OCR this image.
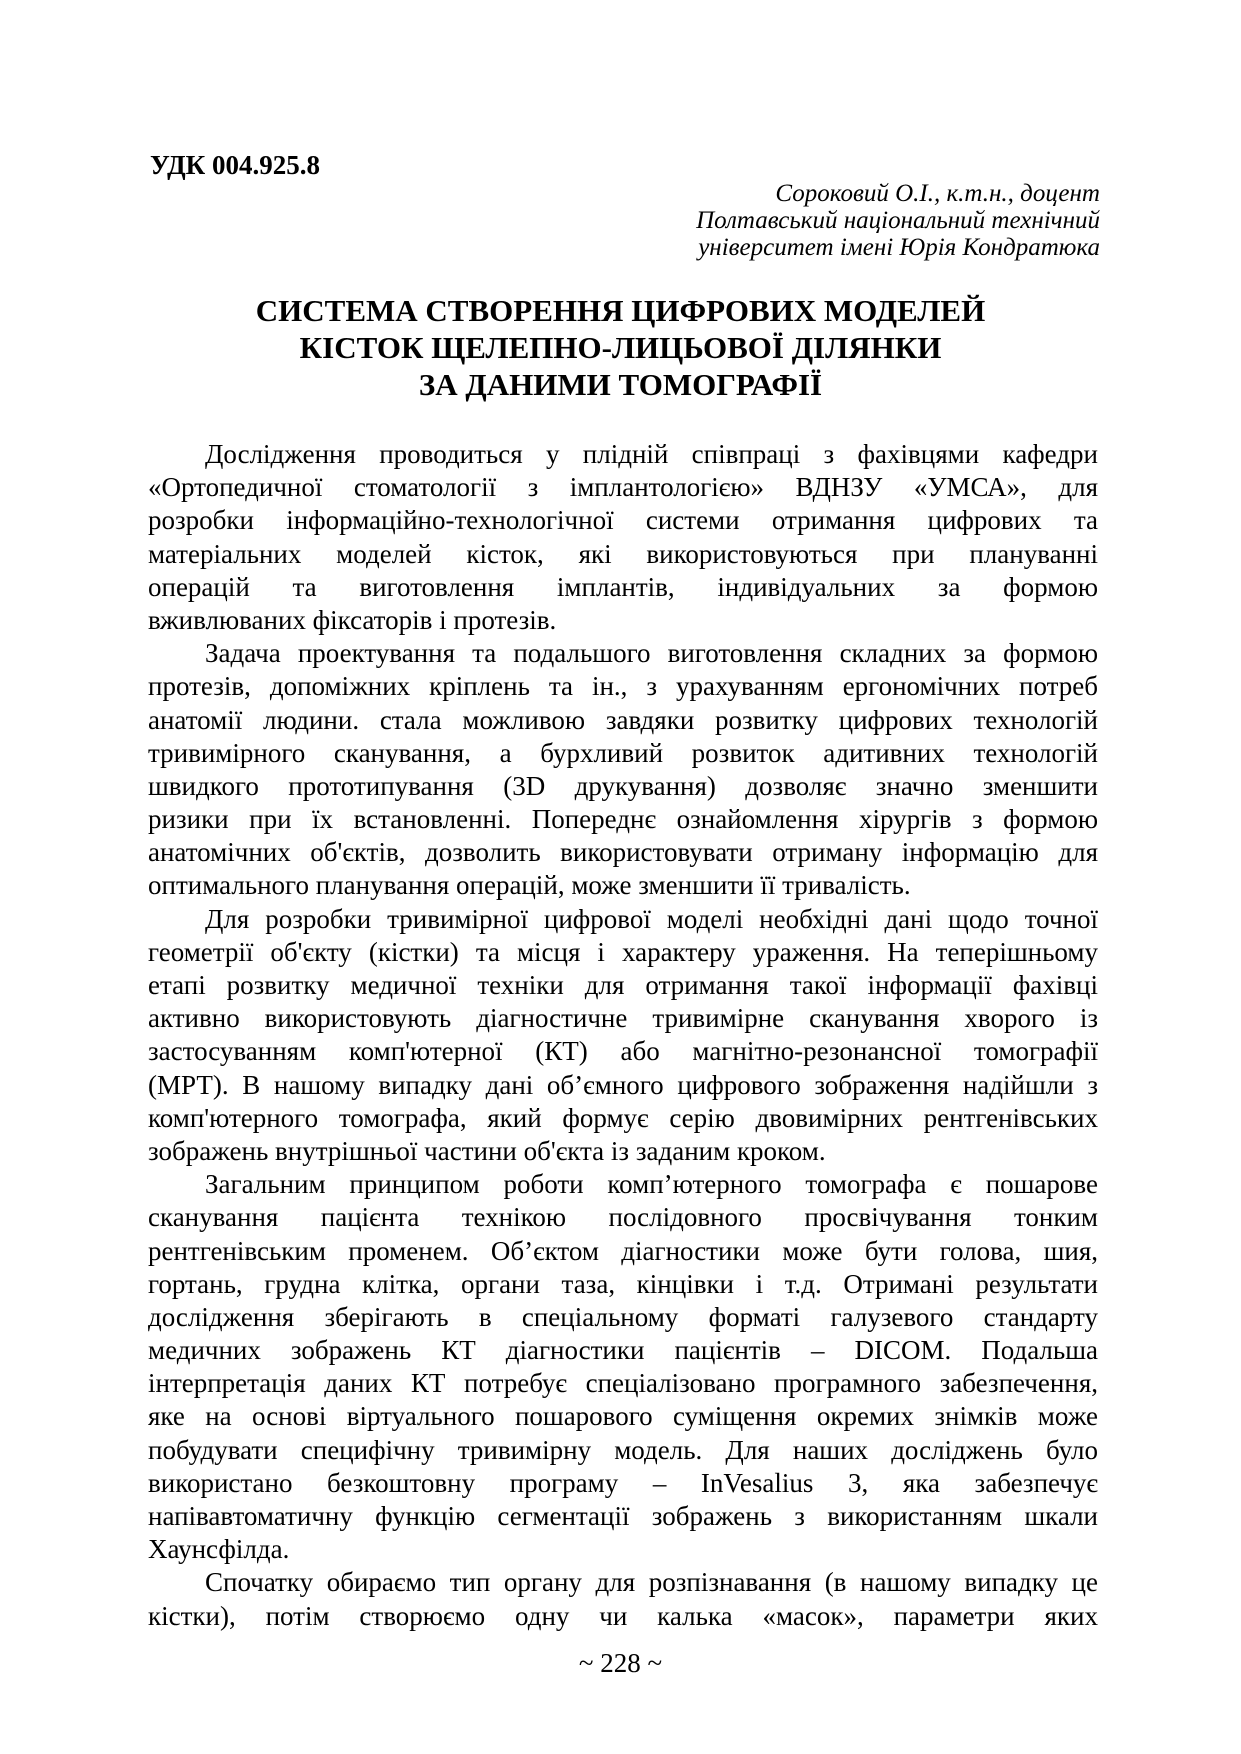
УДК 004.925.8
Сороковий О.І., к.т.н., доцент
Полтавський національний технічний
університет імені Юрія Кондратюка
СИСТЕМА СТВОРЕННЯ ЦИФРОВИХ МОДЕЛЕЙ
КІСТОК ЩЕЛЕПНО-ЛИЦЬОВОЇ ДІЛЯНКИ
ЗА ДАНИМИ ТОМОГРАФІЇ
Дослідження проводиться у плідній співпраці з фахівцями кафедри
«Ортопедичної стоматології з імплантологією» ВДНЗУ «УМСА», для
розробки інформаційно-технологічної системи отримання цифрових та
матеріальних моделей кісток, які використовуються при плануванні
операцій та виготовлення імплантів, індивідуальних за формою
вживлюваних фіксаторів і протезів.
Задача проектування та подальшого виготовлення складних за формою
протезів, допоміжних кріплень та ін., з урахуванням ергономічних потреб
анатомії людини. стала можливою завдяки розвитку цифрових технологій
тривимірного сканування, а бурхливий розвиток адитивних технологій
швидкого прототипування (3D друкування) дозволяє значно зменшити
ризики при їх встановленні. Попереднє ознайомлення хірургів з формою
анатомічних об'єктів, дозволить використовувати отриману інформацію для
оптимального планування операцій, може зменшити її тривалість.
Для розробки тривимірної цифрової моделі необхідні дані щодо точної
геометрії об'єкту (кістки) та місця і характеру ураження. На теперішньому
етапі розвитку медичної техніки для отримання такої інформації фахівці
активно використовують діагностичне тривимірне сканування хворого із
застосуванням комп'ютерної (КТ) або магнітно-резонансної томографії
(МРТ). В нашому випадку дані об’ємного цифрового зображення надійшли з
комп'ютерного томографа, який формує серію двовимірних рентгенівських
зображень внутрішньої частини об'єкта із заданим кроком.
Загальним принципом роботи комп’ютерного томографа є пошарове
сканування пацієнта технікою послідовного просвічування тонким
рентгенівським променем. Об’єктом діагностики може бути голова, шия,
гортань, грудна клітка, органи таза, кінцівки і т.д. Отримані результати
дослідження зберігають в спеціальному форматі галузевого стандарту
медичних зображень КТ діагностики пацієнтів – DICOM. Подальша
інтерпретація даних КТ потребує спеціалізовано програмного забезпечення,
яке на основі віртуального пошарового суміщення окремих знімків може
побудувати специфічну тривимірну модель. Для наших досліджень було
використано безкоштовну програму – InVesalius 3, яка забезпечує
напівавтоматичну функцію сегментації зображень з використанням шкали
Хаунсфілда.
Спочатку обираємо тип органу для розпізнавання (в нашому випадку це
кістки), потім створюємо одну чи калька «масок», параметри яких
~ 228 ~
